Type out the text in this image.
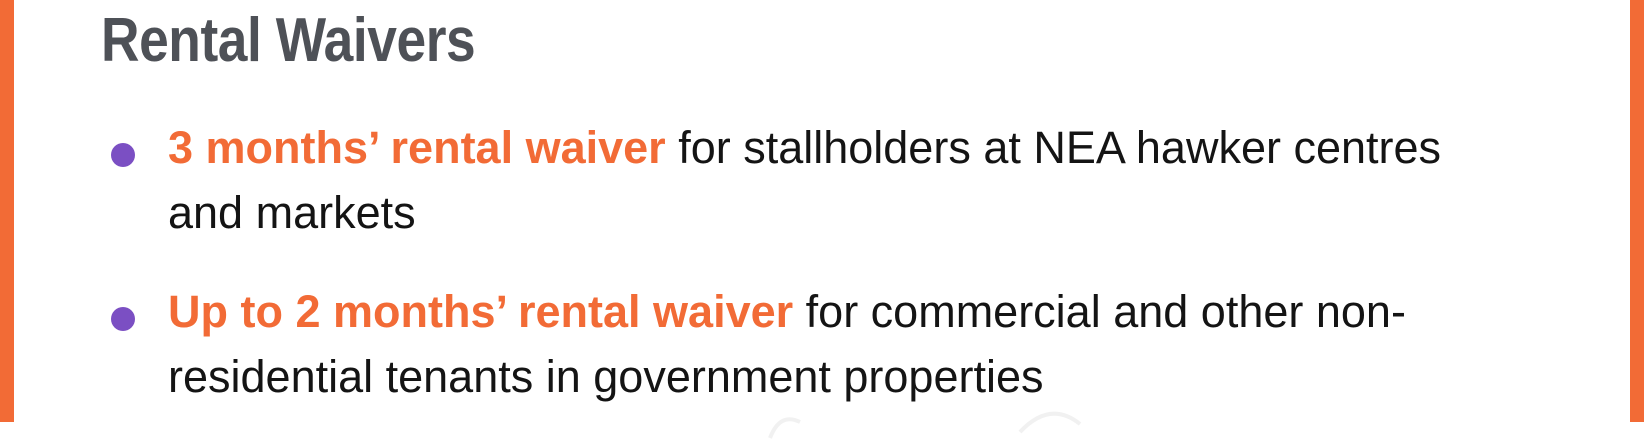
Rental Waivers
3 months’ rental waiver for stallholders at NEA hawker centres and markets
Up to 2 months’ rental waiver for commercial and other non-residential tenants in government properties
